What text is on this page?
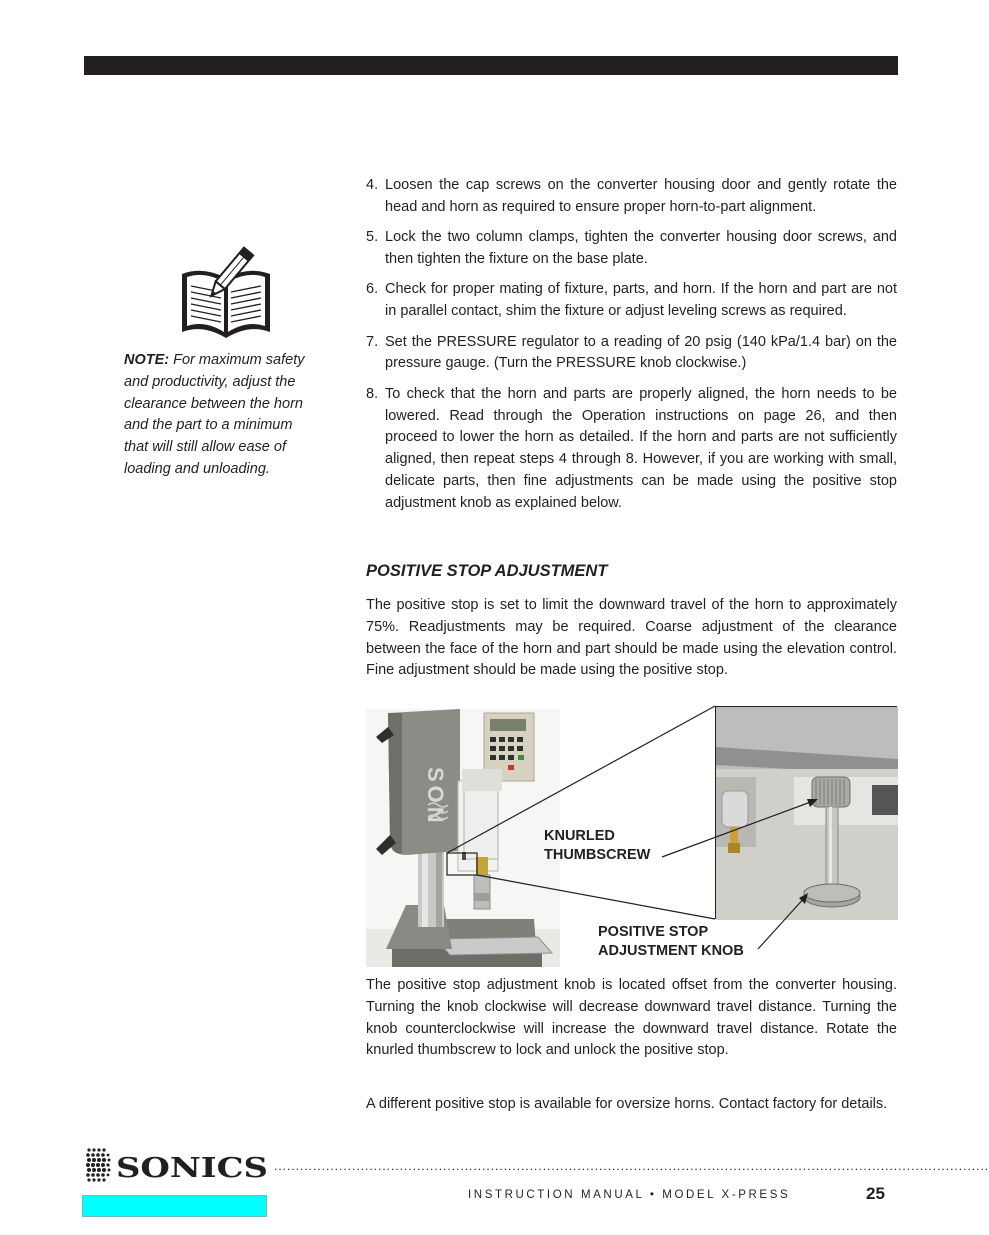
NOTE: For maximum safety and productivity, adjust the clearance between the horn and the part to a minimum that will still allow ease of loading and unloading.
4. Loosen the cap screws on the converter housing door and gently rotate the head and horn as required to ensure proper horn-to-part alignment.
5. Lock the two column clamps, tighten the converter housing door screws, and then tighten the fixture on the base plate.
6. Check for proper mating of fixture, parts, and horn. If the horn and part are not in parallel contact, shim the fixture or adjust leveling screws as required.
7. Set the PRESSURE regulator to a reading of 20 psig (140 kPa/1.4 bar) on the pressure gauge. (Turn the PRESSURE knob clockwise.)
8. To check that the horn and parts are properly aligned, the horn needs to be lowered. Read through the Operation instructions on page 26, and then proceed to lower the horn as detailed. If the horn and parts are not sufficiently aligned, then repeat steps 4 through 8. However, if you are working with small, delicate parts, then fine adjustments can be made using the positive stop adjustment knob as explained below.
POSITIVE STOP ADJUSTMENT

The positive stop is set to limit the downward travel of the horn to approximately 75%. Readjustments may be required. Coarse adjustment of the clearance between the face of the horn and part should be made using the elevation control. Fine adjustment should be made using the positive stop.

SON
KNURLED
THUMBSCREW
POSITIVE STOP
ADJUSTMENT KNOB

The positive stop adjustment knob is located offset from the converter housing. Turning the knob clockwise will decrease downward travel distance. Turning the knob counterclockwise will increase the downward travel distance. Rotate the knurled thumbscrew to lock and unlock the positive stop.

A different positive stop is available for oversize horns. Contact factory for details.

SONICS .....................................................................................................................................................................
INSTRUCTION MANUAL • MODEL X-PRESS	25
